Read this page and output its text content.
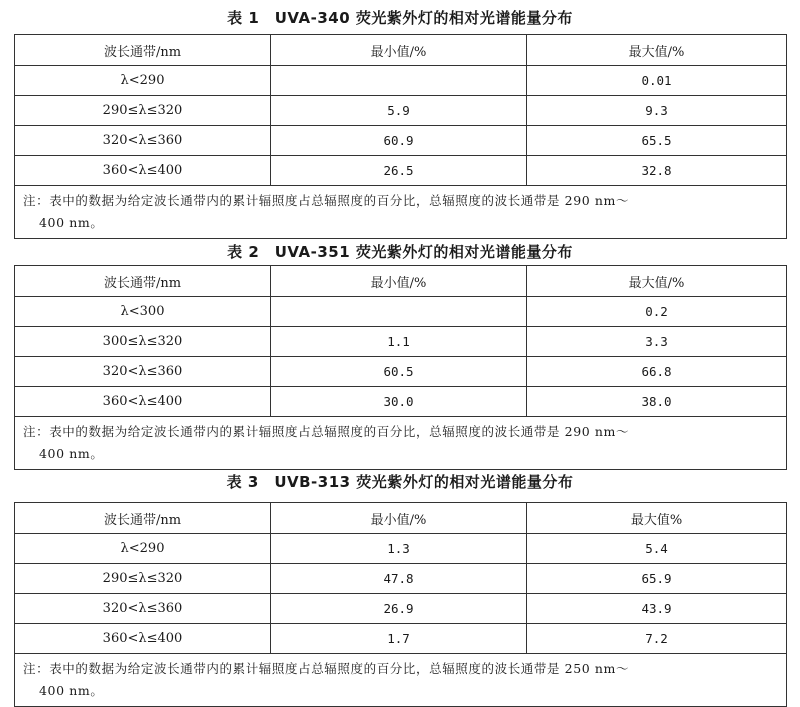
表 1　UVA-340 荧光紫外灯的相对光谱能量分布
波长通带/nm	最小值/%	最大值/%
λ<290		0.01
290≤λ≤320	5.9	9.3
320<λ≤360	60.9	65.5
360<λ≤400	26.5	32.8

注：表中的数据为给定波长通带内的累计辐照度占总辐照度的百分比，总辐照度的波长通带是 290 nm～
400 nm。		
表 2　UVA-351 荧光紫外灯的相对光谱能量分布
波长通带/nm	最小值/%	最大值/%
λ<300		0.2
300≤λ≤320	1.1	3.3
320<λ≤360	60.5	66.8
360<λ≤400	30.0	38.0

注：表中的数据为给定波长通带内的累计辐照度占总辐照度的百分比，总辐照度的波长通带是 290 nm～
400 nm。		
表 3　UVB-313 荧光紫外灯的相对光谱能量分布
波长通带/nm	最小值/%	最大值%
λ<290	1.3	5.4
290≤λ≤320	47.8	65.9
320<λ≤360	26.9	43.9
360<λ≤400	1.7	7.2

注：表中的数据为给定波长通带内的累计辐照度占总辐照度的百分比，总辐照度的波长通带是 250 nm～
400 nm。		
